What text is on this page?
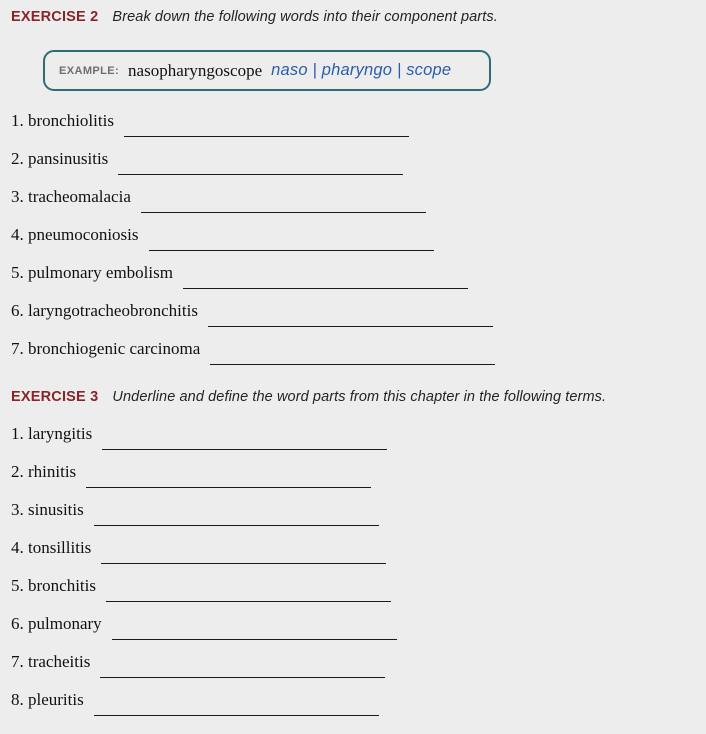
EXERCISE 2 Break down the following words into their component parts.
EXAMPLE: nasopharyngoscope naso | pharyngo | scope
1. bronchiolitis
2. pansinusitis
3. tracheomalacia
4. pneumoconiosis
5. pulmonary embolism
6. laryngotracheobronchitis
7. bronchiogenic carcinoma
EXERCISE 3 Underline and define the word parts from this chapter in the following terms.
1. laryngitis
2. rhinitis
3. sinusitis
4. tonsillitis
5. bronchitis
6. pulmonary
7. tracheitis
8. pleuritis
